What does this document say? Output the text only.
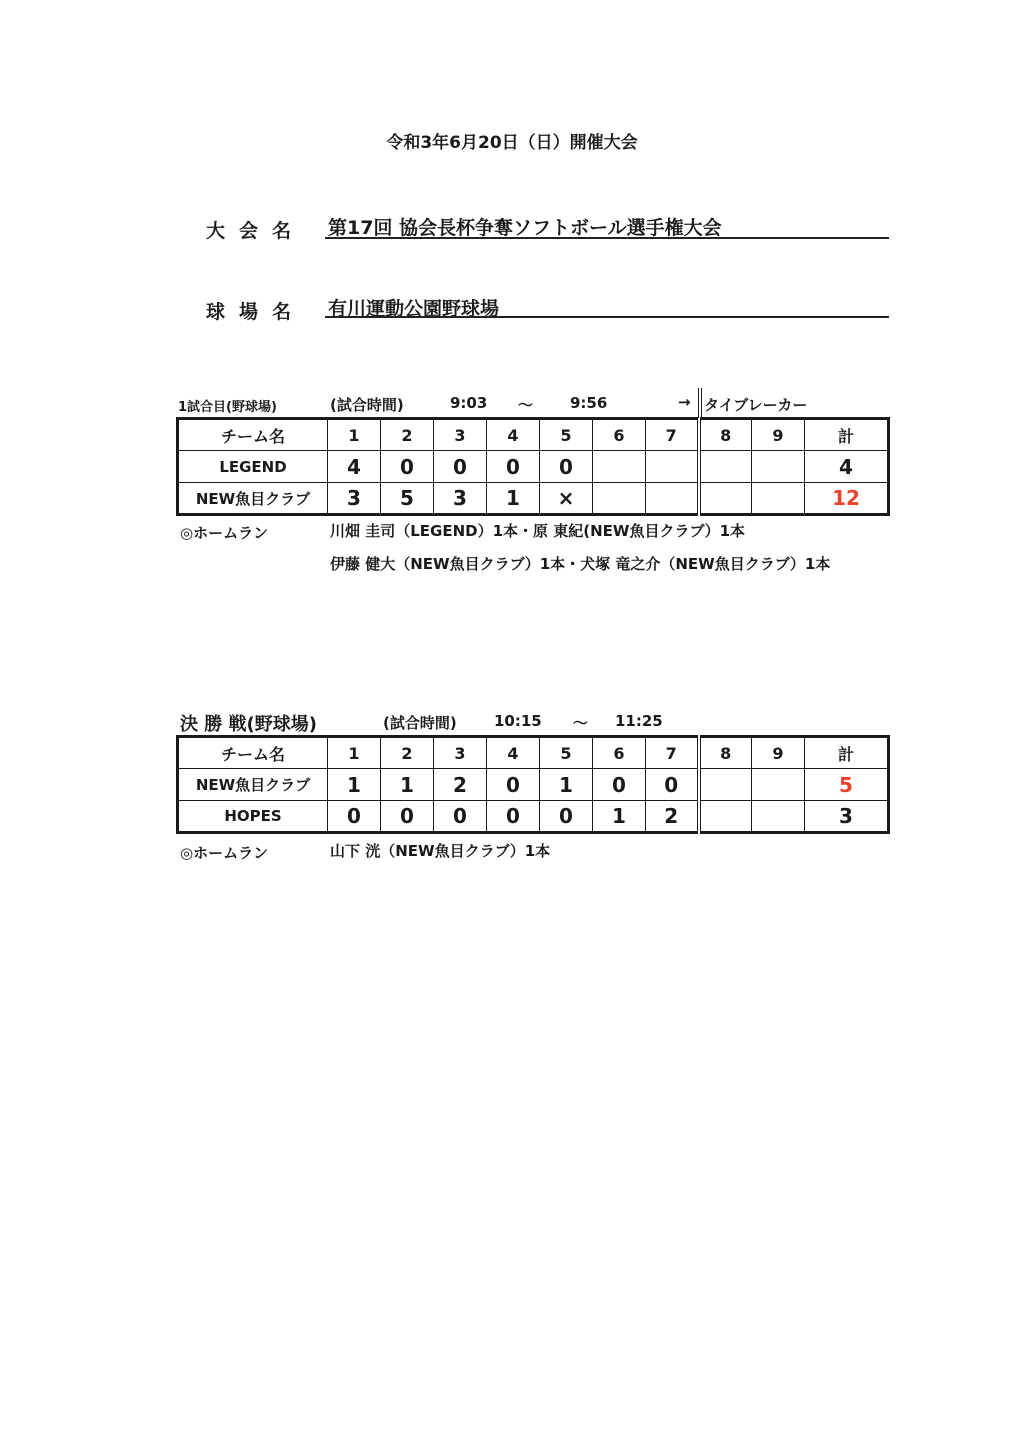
令和3年6月20日（日）開催大会
大会名 第17回 協会長杯争奪ソフトボール選手権大会
球場名 有川運動公園野球場
1試合目(野球場)	(試合時間)	9:03 ～ 9:56	→ タイブレーカー
チーム名	1	2	3	4	5	6	7	8	9	計
LEGEND	4	0	0	0	0					4
NEW魚目クラブ	3	5	3	1	×					12
◎ホームラン	川畑 圭司（LEGEND）1本・原 東紀(NEW魚目クラブ）1本
伊藤 健大（NEW魚目クラブ）1本・犬塚 竜之介（NEW魚目クラブ）1本
決 勝 戦(野球場)	(試合時間) 10:15 ～ 11:25
チーム名	1	2	3	4	5	6	7	8	9	計
NEW魚目クラブ	1	1	2	0	1	0	0			5
HOPES	0	0	0	0	0	1	2			3
◎ホームラン	山下 洸（NEW魚目クラブ）1本
